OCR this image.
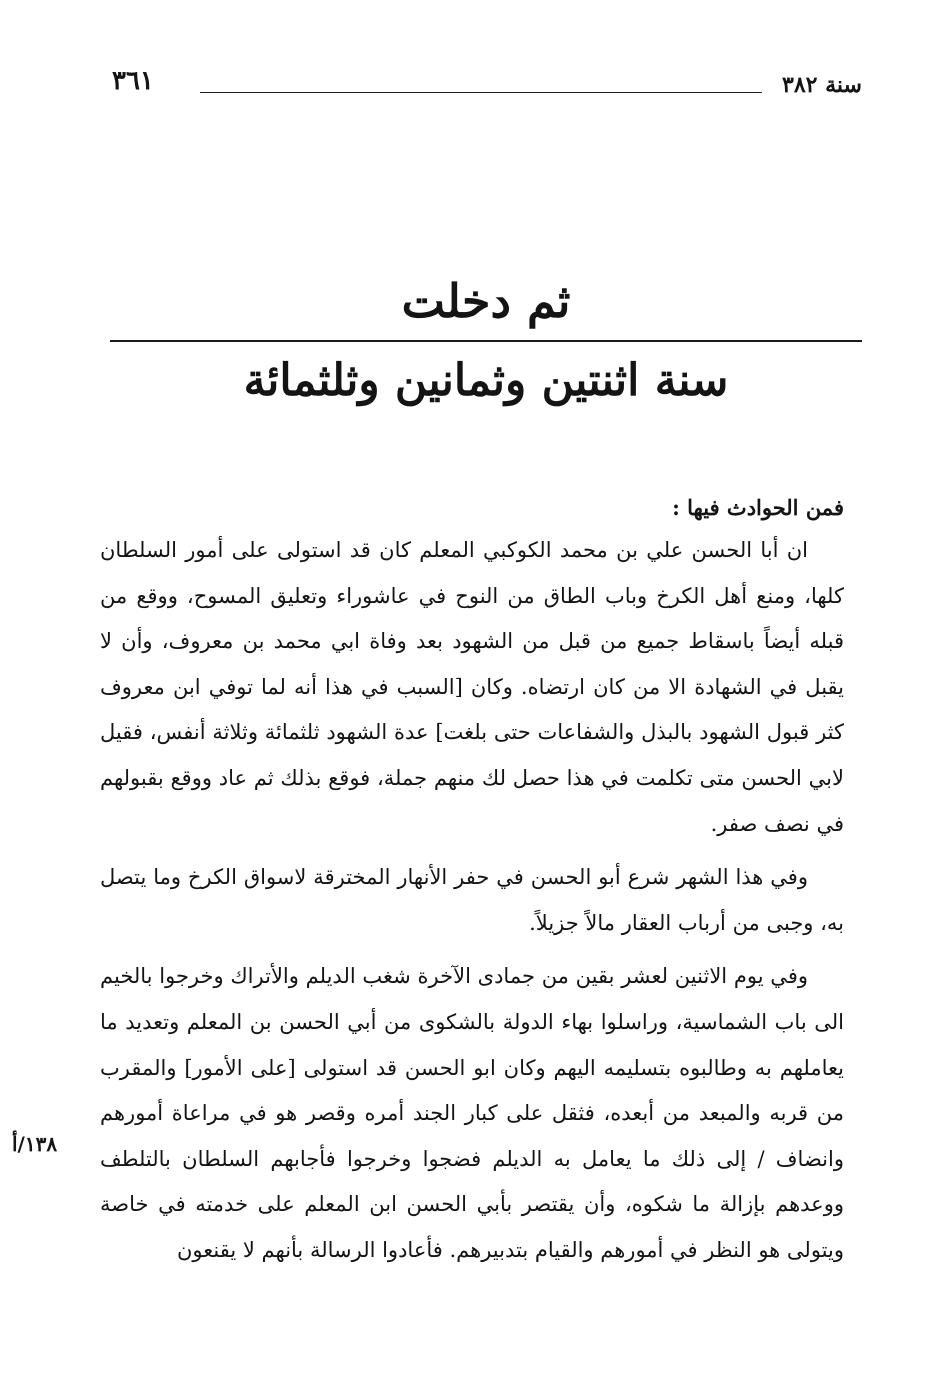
سنة ٣٨٢
٣٦١
ثم دخلت
سنة اثنتين وثمانين وثلثمائة
فمن الحوادث فيها :

ان أبا الحسن علي بن محمد الكوكبي المعلم كان قد استولى على أمور السلطان كلها، ومنع أهل الكرخ وباب الطاق من النوح في عاشوراء وتعليق المسوح، ووقع من قبله أيضاً باسقاط جميع من قبل من الشهود بعد وفاة ابي محمد بن معروف، وأن لا يقبل في الشهادة الا من كان ارتضاه. وكان [السبب في هذا أنه لما توفي ابن معروف كثر قبول الشهود بالبذل والشفاعات حتى بلغت] عدة الشهود ثلثمائة وثلاثة أنفس، فقيل لابي الحسن متى تكلمت في هذا حصل لك منهم جملة، فوقع بذلك ثم عاد ووقع بقبولهم في نصف صفر.

وفي هذا الشهر شرع أبو الحسن في حفر الأنهار المخترقة لاسواق الكرخ وما يتصل به، وجبى من أرباب العقار مالاً جزيلاً.

وفي يوم الاثنين لعشر بقين من جمادى الآخرة شغب الديلم والأتراك وخرجوا بالخيم الى باب الشماسية، وراسلوا بهاء الدولة بالشكوى من أبي الحسن بن المعلم وتعديد ما يعاملهم به وطالبوه بتسليمه اليهم وكان ابو الحسن قد استولى [على الأمور] والمقرب من قربه والمبعد من أبعده، فثقل على كبار الجند أمره وقصر هو في مراعاة أمورهم وانضاف / إلى ذلك ما يعامل به الديلم فضجوا وخرجوا فأجابهم السلطان بالتلطف ووعدهم بإزالة ما شكوه، وأن يقتصر بأبي الحسن ابن المعلم على خدمته في خاصة ويتولى هو النظر في أمورهم والقيام بتدبيرهم. فأعادوا الرسالة بأنهم لا يقنعون

١٣٨/أ
